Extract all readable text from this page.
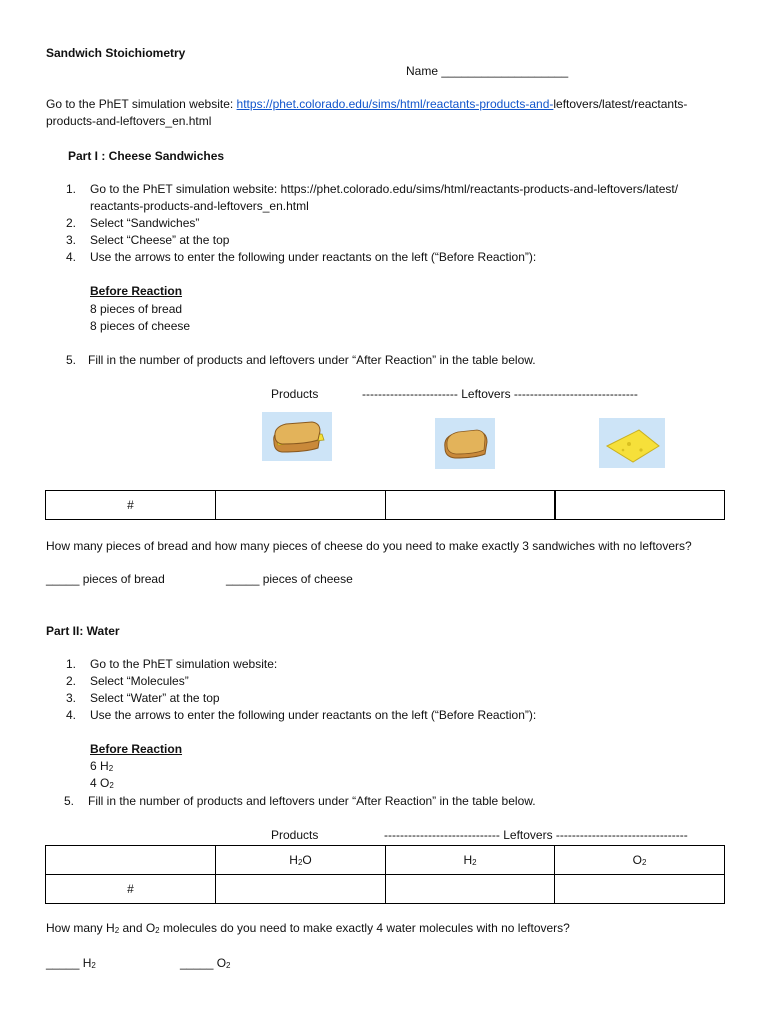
Sandwich Stoichiometry
Name ___________________
Go to the PhET simulation website: https://phet.colorado.edu/sims/html/reactants-products-and-leftovers/latest/reactants-
products-and-leftovers_en.html
Part I : Cheese Sandwiches
1. Go to the PhET simulation website: https://phet.colorado.edu/sims/html/reactants-products-and-leftovers/latest/
reactants-products-and-leftovers_en.html
2. Select “Sandwiches”
3. Select “Cheese” at the top
4. Use the arrows to enter the following under reactants on the left (“Before Reaction”):
Before Reaction
8 pieces of bread
8 pieces of cheese
5. Fill in the number of products and leftovers under “After Reaction” in the table below.
Products	------------------------ Leftovers -------------------------------
#			
How many pieces of bread and how many pieces of cheese do you need to make exactly 3 sandwiches with no leftovers?
_____ pieces of bread	_____ pieces of cheese
Part II: Water
1. Go to the PhET simulation website:
2. Select “Molecules”
3. Select “Water” at the top
4. Use the arrows to enter the following under reactants on the left (“Before Reaction”):
Before Reaction
6 $H_2$
4 $O_2$
5. Fill in the number of products and leftovers under “After Reaction” in the table below.
Products	----------------------------- Leftovers ---------------------------------
	$H_2O$	$H_2$	$O_2$
#			
How many $H_2$ and $O_2$ molecules do you need to make exactly 4 water molecules with no leftovers?
_____ $H_2$	_____ $O_2$
